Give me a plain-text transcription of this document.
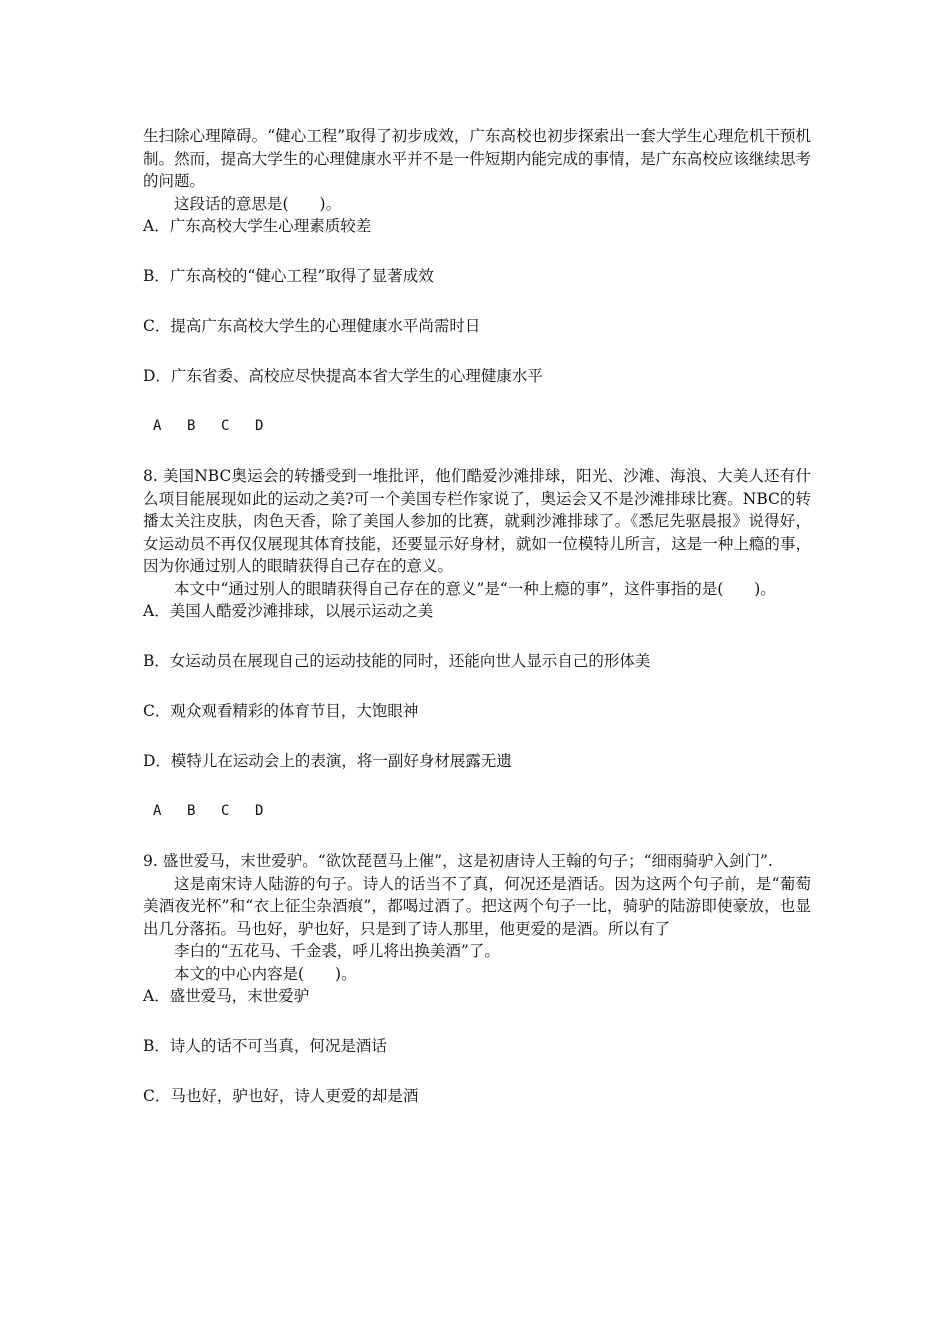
生扫除心理障碍。“健心工程”取得了初步成效，广东高校也初步探索出一套大学生心理危机干预机制。然而，提高大学生的心理健康水平并不是一件短期内能完成的事情，是广东高校应该继续思考的问题。

这段话的意思是(　　)。

A．广东高校大学生心理素质较差

B．广东高校的“健心工程”取得了显著成效

C．提高广东高校大学生的心理健康水平尚需时日

D．广东省委、高校应尽快提高本省大学生的心理健康水平

A B C D

8. 美国NBC奥运会的转播受到一堆批评，他们酷爱沙滩排球，阳光、沙滩、海浪、大美人还有什么项目能展现如此的运动之美?可一个美国专栏作家说了，奥运会又不是沙滩排球比赛。NBC的转播太关注皮肤，肉色天香，除了美国人参加的比赛，就剩沙滩排球了。《悉尼先驱晨报》说得好，女运动员不再仅仅展现其体育技能，还要显示好身材，就如一位模特儿所言，这是一种上瘾的事，因为你通过别人的眼睛获得自己存在的意义。

本文中“通过别人的眼睛获得自己存在的意义”是“一种上瘾的事”，这件事指的是(　　)。

A．美国人酷爱沙滩排球，以展示运动之美

B．女运动员在展现自己的运动技能的同时，还能向世人显示自己的形体美

C．观众观看精彩的体育节目，大饱眼神

D．模特儿在运动会上的表演，将一副好身材展露无遗

A B C D

9. 盛世爱马，末世爱驴。“欲饮琵琶马上催”，这是初唐诗人王翰的句子；“细雨骑驴入剑门”.

这是南宋诗人陆游的句子。诗人的话当不了真，何况还是酒话。因为这两个句子前，是“葡萄美酒夜光杯”和“衣上征尘杂酒痕”，都喝过酒了。把这两个句子一比，骑驴的陆游即使豪放，也显出几分落拓。马也好，驴也好，只是到了诗人那里，他更爱的是酒。所以有了

李白的“五花马、千金裘，呼儿将出换美酒”了。

本文的中心内容是(　　)。

A．盛世爱马，末世爱驴

B．诗人的话不可当真，何况是酒话

C．马也好，驴也好，诗人更爱的却是酒
